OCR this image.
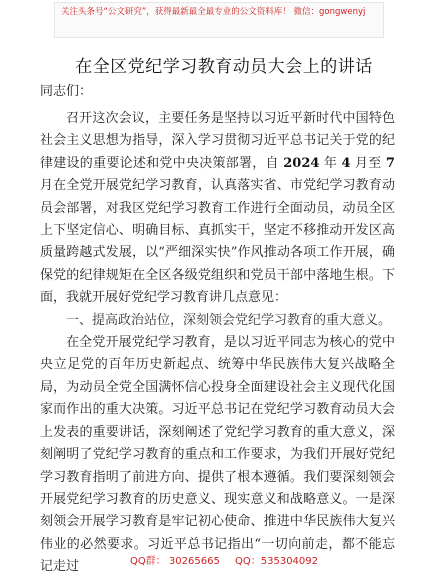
关注头条号“公文研究”，获得最新最全最专业的公文资料库！ 微信：gongwenyj
在全区党纪学习教育动员大会上的讲话

同志们：

召开这次会议，主要任务是坚持以习近平新时代中国特色社会主义思想为指导，深入学习贯彻习近平总书记关于党的纪律建设的重要论述和党中央决策部署，自 2024 年 4 月至 7月在全党开展党纪学习教育，认真落实省、市党纪学习教育动员会部署，对我区党纪学习教育工作进行全面动员，动员全区上下坚定信心、明确目标、真抓实干，坚定不移推动开发区高质量跨越式发展，以“严细深实快”作风推动各项工作开展，确保党的纪律规矩在全区各级党组织和党员干部中落地生根。下面，我就开展好党纪学习教育讲几点意见：

一、提高政治站位，深刻领会党纪学习教育的重大意义。

在全党开展党纪学习教育，是以习近平同志为核心的党中央立足党的百年历史新起点、统筹中华民族伟大复兴战略全局，为动员全党全国满怀信心投身全面建设社会主义现代化国家而作出的重大决策。习近平总书记在党纪学习教育动员大会上发表的重要讲话，深刻阐述了党纪学习教育的重大意义，深刻阐明了党纪学习教育的重点和工作要求，为我们开展好党纪学习教育指明了前进方向、提供了根本遵循。我们要深刻领会开展党纪学习教育的历史意义、现实意义和战略意义。一是深刻领会开展学习教育是牢记初心使命、推进中华民族伟大复兴伟业的必然要求。习近平总书记指出“一切向前走，都不能忘记走过	QQ群： 30265665 QQ：535304092
